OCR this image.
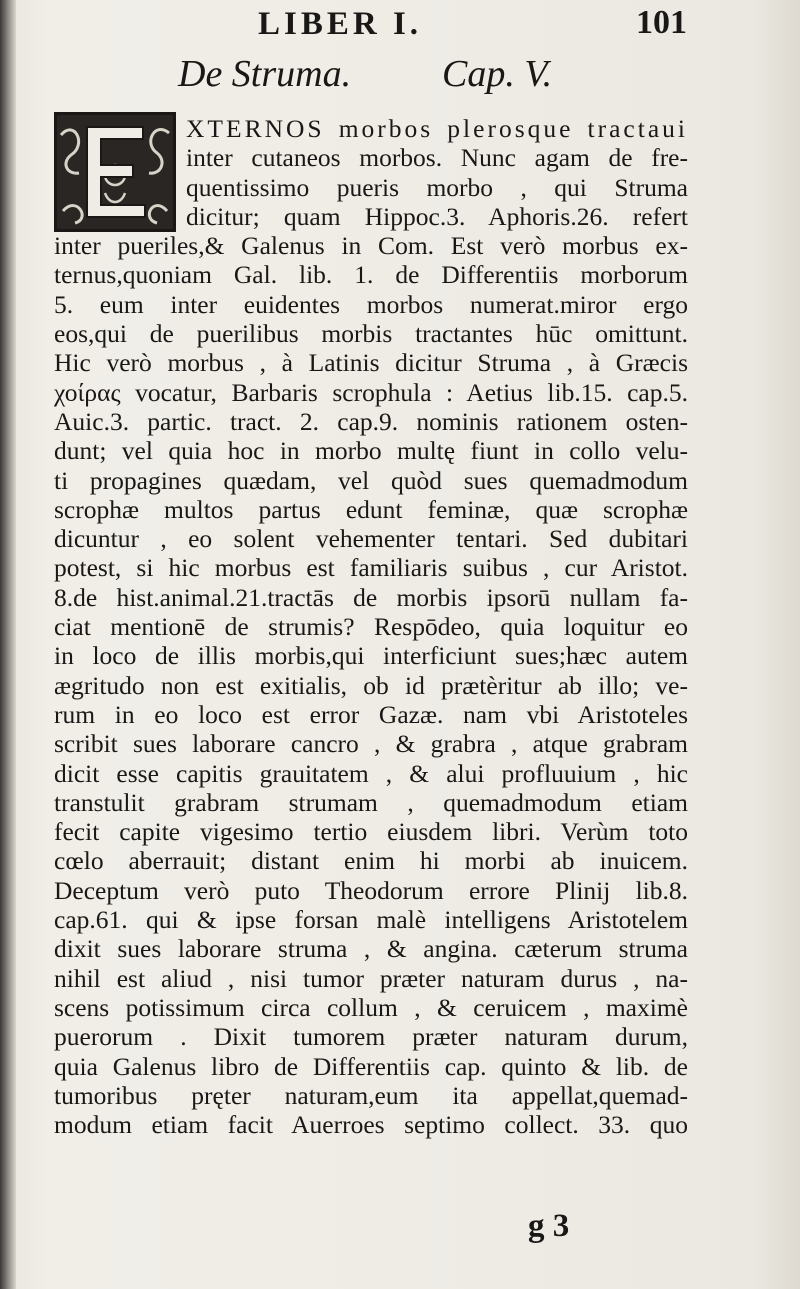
LIBER I.	101
De Struma. Cap. V.
XTERNOS morbos plerosque tractaui
inter cutaneos morbos. Nunc agam de fre-
quentissimo pueris morbo , qui Struma
dicitur; quam Hippoc.3. Aphoris.26. refert
inter pueriles,& Galenus in Com. Est verò morbus ex-
ternus,quoniam Gal. lib. 1. de Differentiis morborum
5. eum inter euidentes morbos numerat.miror ergo
eos,qui de puerilibus morbis tractantes hūc omittunt.
Hic verò morbus , à Latinis dicitur Struma , à Græcis
χοίρας vocatur, Barbaris scrophula : Aetius lib.15. cap.5.
Auic.3. partic. tract. 2. cap.9. nominis rationem osten-
dunt; vel quia hoc in morbo multę fiunt in collo velu-
ti propagines quædam, vel quòd sues quemadmodum
scrophæ multos partus edunt feminæ, quæ scrophæ
dicuntur , eo solent vehementer tentari. Sed dubitari
potest, si hic morbus est familiaris suibus , cur Aristot.
8.de hist.animal.21.tractās de morbis ipsorū nullam fa-
ciat mentionē de strumis? Respōdeo, quia loquitur eo
in loco de illis morbis,qui interficiunt sues;hæc autem
ægritudo non est exitialis, ob id prætèritur ab illo; ve-
rum in eo loco est error Gazæ. nam vbi Aristoteles
scribit sues laborare cancro , & grabra , atque grabram
dicit esse capitis grauitatem , & alui profluuium , hic
transtulit grabram strumam , quemadmodum etiam
fecit capite vigesimo tertio eiusdem libri. Verùm toto
cœlo aberrauit; distant enim hi morbi ab inuicem.
Deceptum verò puto Theodorum errore Plinij lib.8.
cap.61. qui & ipse forsan malè intelligens Aristotelem
dixit sues laborare struma , & angina. cæterum struma
nihil est aliud , nisi tumor præter naturam durus , na-
scens potissimum circa collum , & ceruicem , maximè
puerorum . Dixit tumorem præter naturam durum,
quia Galenus libro de Differentiis cap. quinto & lib. de
tumoribus pręter naturam,eum ita appellat,quemad-
modum etiam facit Auerroes septimo collect. 33. quo
g 3
